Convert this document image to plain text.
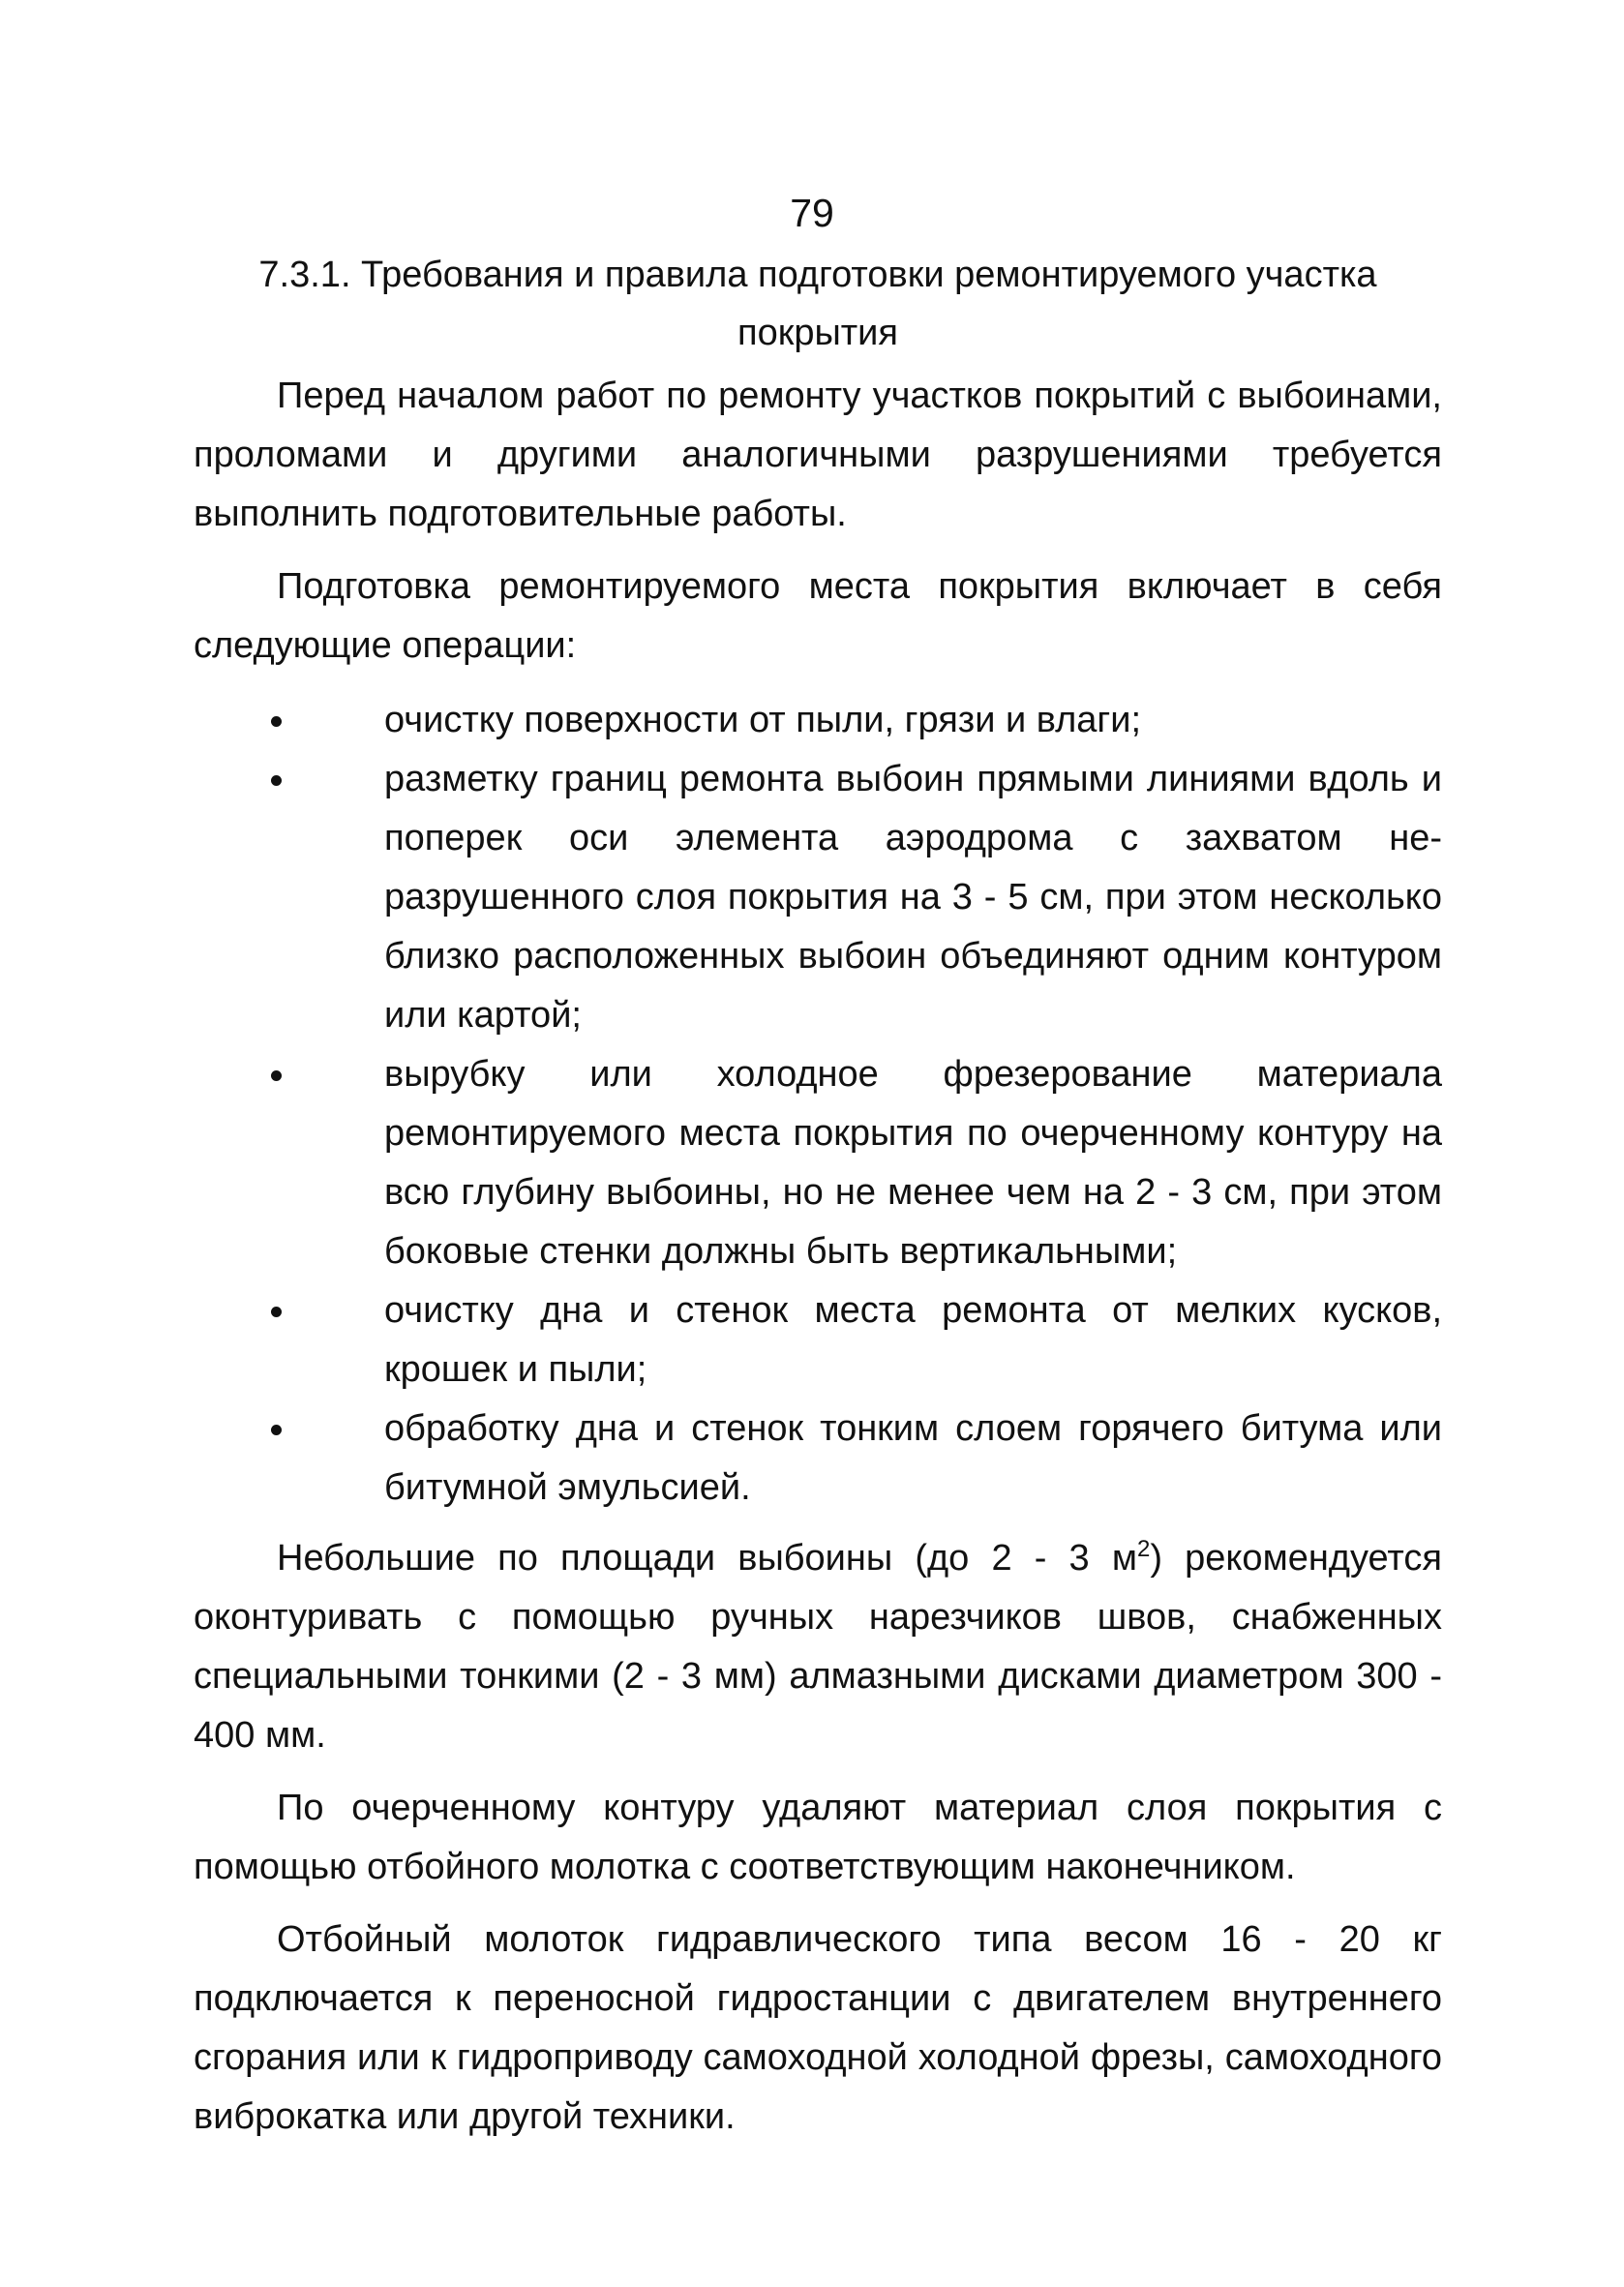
79
7.3.1. Требования и правила подготовки ремонтируемого участка
покрытия

Перед началом работ по ремонту участков покрытий с выбоинами, проломами и другими аналогичными разрушениями требуется выполнить подготовительные работы.

Подготовка ремонтируемого места покрытия включает в себя следующие операции:

очистку поверхности от пыли, грязи и влаги;
разметку границ ремонта выбоин прямыми линиями вдоль и поперек оси элемента аэродрома с захватом неразрушенного слоя покрытия на 3 - 5 см, при этом несколько близко расположенных выбоин объединяют одним контуром или картой;
вырубку или холодное фрезерование материала ремонтируемого места покрытия по очерченному контуру на всю глубину выбоины, но не менее чем на 2 - 3 см, при этом боковые стенки должны быть вертикальными;
очистку дна и стенок места ремонта от мелких кусков, крошек и пыли;
обработку дна и стенок тонким слоем горячего битума или битумной эмульсией.

Небольшие по площади выбоины (до 2 - 3 $м^2$) рекомендуется оконтуривать с помощью ручных нарезчиков швов, снабженных специальными тонкими (2 - 3 мм) алмазными дисками диаметром 300 - 400 мм.

По очерченному контуру удаляют материал слоя покрытия с помощью отбойного молотка с соответствующим наконечником.

Отбойный молоток гидравлического типа весом 16 - 20 кг подключается к переносной гидростанции с двигателем внутреннего сгорания или к гидроприводу самоходной холодной фрезы, самоходного виброкатка или другой техники.
